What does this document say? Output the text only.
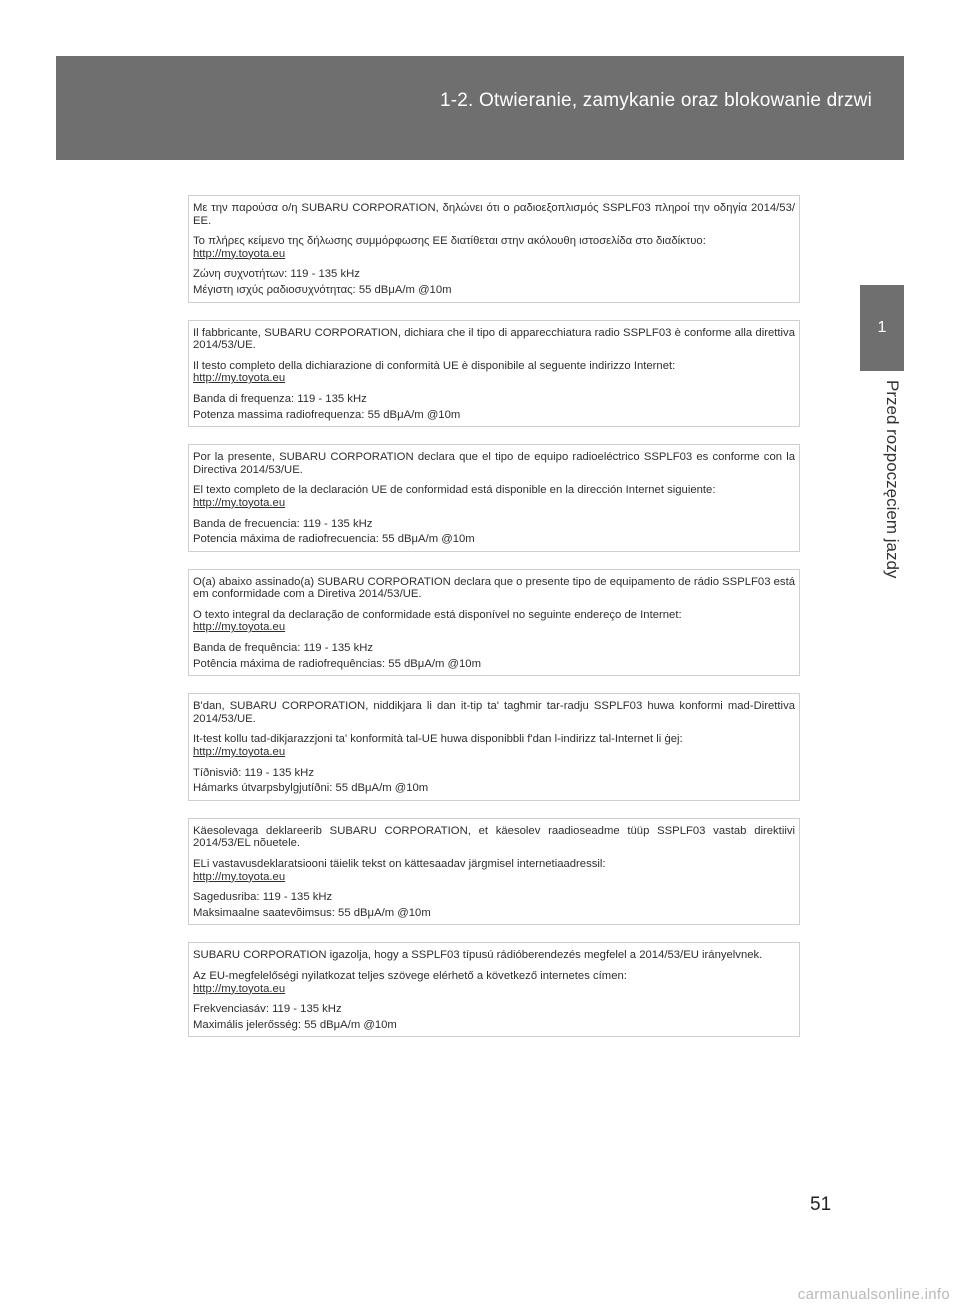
1-2. Otwieranie, zamykanie oraz blokowanie drzwi
1
Przed rozpoczęciem jazdy

Με την παρούσα ο/η SUBARU CORPORATION, δηλώνει ότι ο ραδιοεξοπλισμός SSPLF03 πληροί την οδηγία 2014/53/ΕΕ.

Το πλήρες κείμενο της δήλωσης συμμόρφωσης ΕΕ διατίθεται στην ακόλουθη ιστοσελίδα στο διαδίκτυο:
http://my.toyota.eu

Ζώνη συχνοτήτων: 119 - 135 kHz

Μέγιστη ισχύς ραδιοσυχνότητας: 55 dBμA/m @10m

Il fabbricante, SUBARU CORPORATION, dichiara che il tipo di apparecchiatura radio SSPLF03 è conforme alla direttiva 2014/53/UE.

Il testo completo della dichiarazione di conformità UE è disponibile al seguente indirizzo Internet:
http://my.toyota.eu

Banda di frequenza: 119 - 135 kHz

Potenza massima radiofrequenza: 55 dBμA/m @10m

Por la presente, SUBARU CORPORATION declara que el tipo de equipo radioeléctrico SSPLF03 es conforme con la Directiva 2014/53/UE.

El texto completo de la declaración UE de conformidad está disponible en la dirección Internet siguiente:
http://my.toyota.eu

Banda de frecuencia: 119 - 135 kHz

Potencia máxima de radiofrecuencia: 55 dBμA/m @10m

O(a) abaixo assinado(a) SUBARU CORPORATION declara que o presente tipo de equipamento de rádio SSPLF03 está em conformidade com a Diretiva 2014/53/UE.

O texto integral da declaração de conformidade está disponível no seguinte endereço de Internet:
http://my.toyota.eu

Banda de frequência: 119 - 135 kHz

Potência máxima de radiofrequências: 55 dBμA/m @10m

B'dan, SUBARU CORPORATION, niddikjara li dan it-tip ta' tagħmir tar-radju SSPLF03 huwa konformi mad-Direttiva 2014/53/UE.

It-test kollu tad-dikjarazzjoni ta' konformità tal-UE huwa disponibbli f'dan l-indirizz tal-Internet li ġej:
http://my.toyota.eu

Tíðnisvið: 119 - 135 kHz

Hámarks útvarpsbylgjutíðni: 55 dBμA/m @10m

Käesolevaga deklareerib SUBARU CORPORATION, et käesolev raadioseadme tüüp SSPLF03 vastab direktiivi 2014/53/EL nõuetele.

ELi vastavusdeklaratsiooni täielik tekst on kättesaadav järgmisel internetiaadressil:
http://my.toyota.eu

Sagedusriba: 119 - 135 kHz

Maksimaalne saatevõimsus: 55 dBμA/m @10m

SUBARU CORPORATION igazolja, hogy a SSPLF03 típusú rádióberendezés megfelel a 2014/53/EU irányelvnek.

Az EU-megfelelőségi nyilatkozat teljes szövege elérhető a következő internetes címen:
http://my.toyota.eu

Frekvenciasáv: 119 - 135 kHz

Maximális jelerősség: 55 dBμA/m @10m

51
carmanualsonline.info
